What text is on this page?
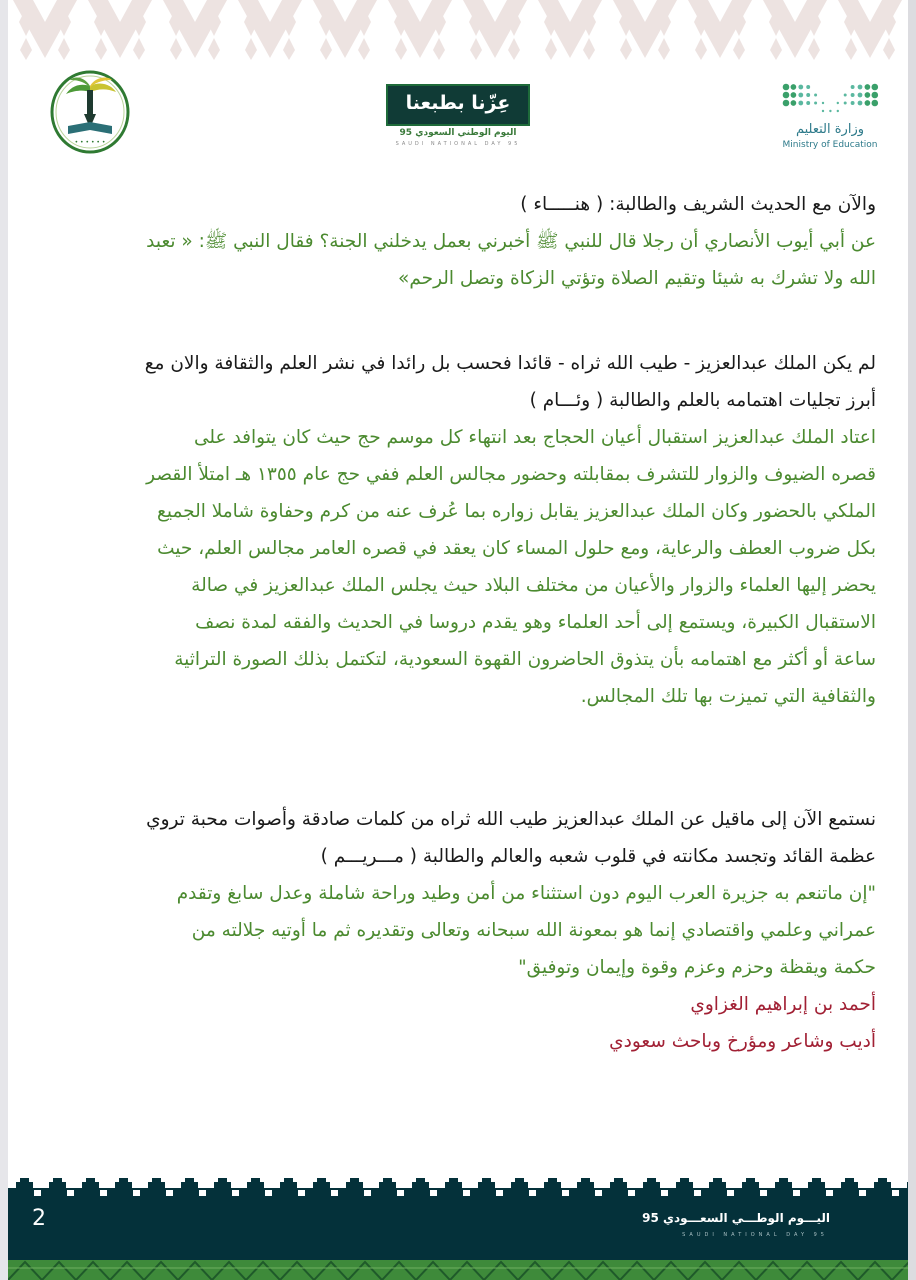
• • • • • •
عِزّنا بطبعنا
اليوم الوطني السعودي 95
SAUDI NATIONAL DAY 95
وزارة التعليم
Ministry of Education
والآن مع الحديث الشريف والطالبة: ( هنـــــاء )
عن أبي أيوب الأنصاري أن رجلا قال للنبي ﷺ أخبرني بعمل يدخلني الجنة؟ فقال النبي ﷺ: « تعبد
الله ولا تشرك به شيئا وتقيم الصلاة وتؤتي الزكاة وتصل الرحم»
لم يكن الملك عبدالعزيز - طيب الله ثراه - قائدا فحسب بل رائدا في نشر العلم والثقافة والان مع
أبرز تجليات اهتمامه بالعلم والطالبة ( وئـــام )
اعتاد الملك عبدالعزيز استقبال أعيان الحجاج بعد انتهاء كل موسم حج حيث كان يتوافد على
قصره الضيوف والزوار للتشرف بمقابلته وحضور مجالس العلم ففي حج عام ١٣٥٥ هـ امتلأ القصر
الملكي بالحضور وكان الملك عبدالعزيز يقابل زواره بما عُرف عنه من كرم وحفاوة شاملا الجميع
بكل ضروب العطف والرعاية، ومع حلول المساء كان يعقد في قصره العامر مجالس العلم، حيث
يحضر إليها العلماء والزوار والأعيان من مختلف البلاد حيث يجلس الملك عبدالعزيز في صالة
الاستقبال الكبيرة، ويستمع إلى أحد العلماء وهو يقدم دروسا في الحديث والفقه لمدة نصف
ساعة أو أكثر مع اهتمامه بأن يتذوق الحاضرون القهوة السعودية، لتكتمل بذلك الصورة التراثية
والثقافية التي تميزت بها تلك المجالس.
نستمع الآن إلى ماقيل عن الملك عبدالعزيز طيب الله ثراه من كلمات صادقة وأصوات محبة تروي
عظمة القائد وتجسد مكانته في قلوب شعبه والعالم والطالبة ( مـــريـــم )
"إن ماتنعم به جزيرة العرب اليوم دون استثناء من أمن وطيد وراحة شاملة وعدل سابغ وتقدم
عمراني وعلمي واقتصادي إنما هو بمعونة الله سبحانه وتعالى وتقديره ثم ما أوتيه جلالته من
حكمة ويقظة وحزم وعزم وقوة وإيمان وتوفيق"
أحمد بن إبراهيم الغزاوي
أديب وشاعر ومؤرخ وباحث سعودي
2	اليـــوم الوطـــي السعـــودي 95
SAUDI NATIONAL DAY 95
